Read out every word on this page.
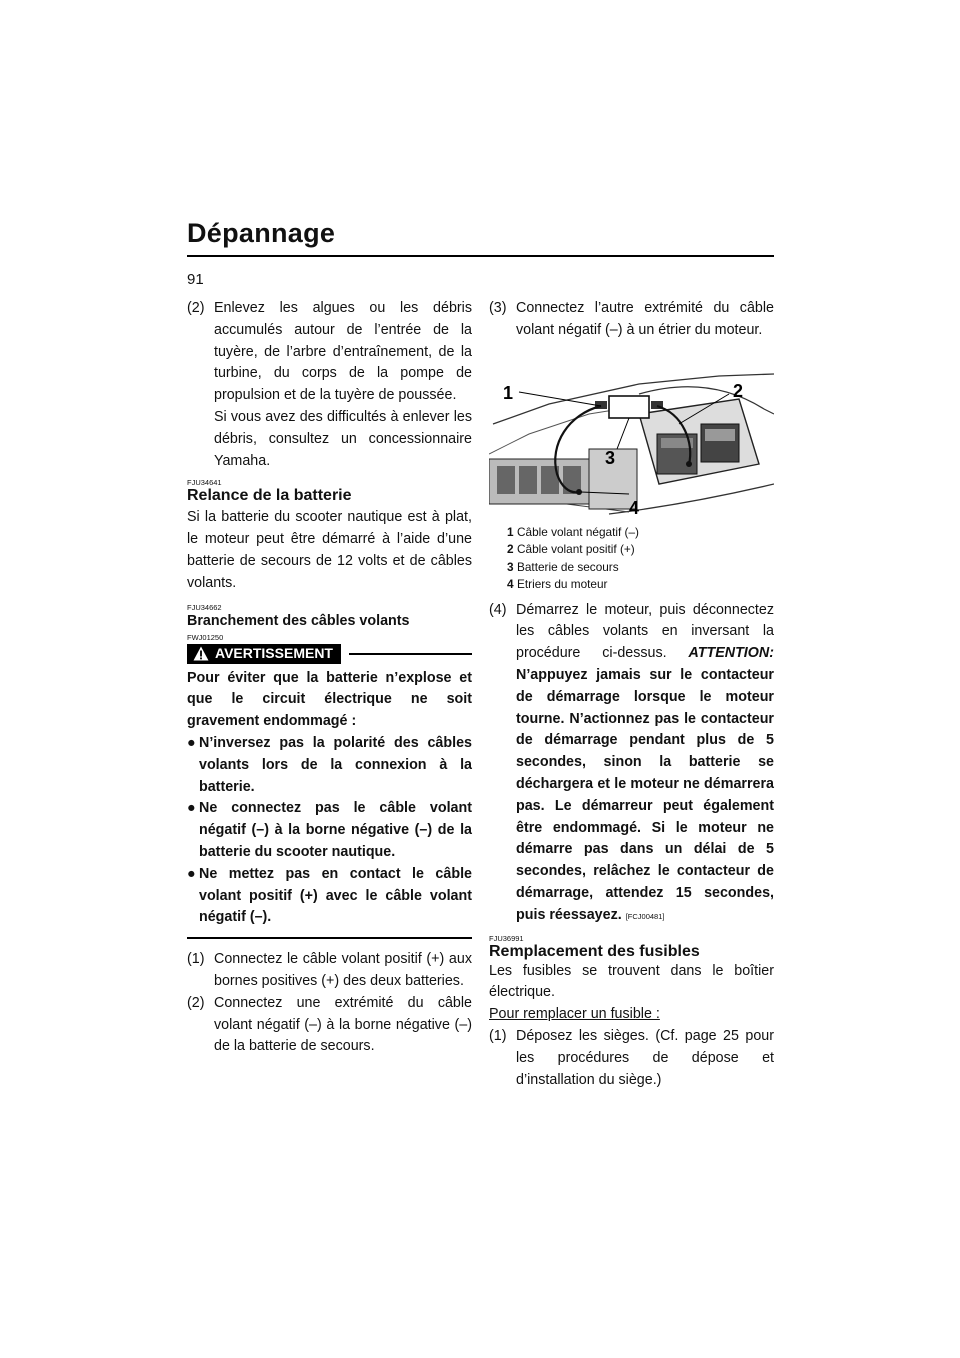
Dépannage
91
(2) Enlevez les algues ou les débris accumulés autour de l’entrée de la tuyère, de l’arbre d’entraînement, de la turbine, du corps de la pompe de propulsion et de la tuyère de poussée.
Si vous avez des difficultés à enlever les débris, consultez un concessionnaire Yamaha.
FJU34641
Relance de la batterie

Si la batterie du scooter nautique est à plat, le moteur peut être démarré à l’aide d’une batterie de secours de 12 volts et de câbles volants.

FJU34662
Branchement des câbles volants
FWJ01250
AVERTISSEMENT

Pour éviter que la batterie n’explose et que le circuit électrique ne soit gravement endommagé :

● N’inversez pas la polarité des câbles volants lors de la connexion à la batterie.
● Ne connectez pas le câble volant négatif (–) à la borne négative (–) de la batterie du scooter nautique.
● Ne mettez pas en contact le câble volant positif (+) avec le câble volant négatif (–).
(1) Connectez le câble volant positif (+) aux bornes positives (+) des deux batteries.
(2) Connectez une extrémité du câble volant négatif (–) à la borne négative (–) de la batterie de secours.
(3) Connectez l’autre extrémité du câble volant négatif (–) à un étrier du moteur.
1	2
3
4
1 Câble volant négatif (–)
2 Câble volant positif (+)
3 Batterie de secours
4 Etriers du moteur
(4) Démarrez le moteur, puis déconnectez les câbles volants en inversant la procédure ci-dessus. ATTENTION: N’appuyez jamais sur le contacteur de démarrage lorsque le moteur tourne. N’actionnez pas le contacteur de démarrage pendant plus de 5 secondes, sinon la batterie se déchargera et le moteur ne démarrera pas. Le démarreur peut également être endommagé. Si le moteur ne démarre pas dans un délai de 5 secondes, relâchez le contacteur de démarrage, attendez 15 secondes, puis réessayez. [FCJ00481]
FJU36991
Remplacement des fusibles

Les fusibles se trouvent dans le boîtier électrique.

Pour remplacer un fusible :
(1) Déposez les sièges. (Cf. page 25 pour les procédures de dépose et d’installation du siège.)
